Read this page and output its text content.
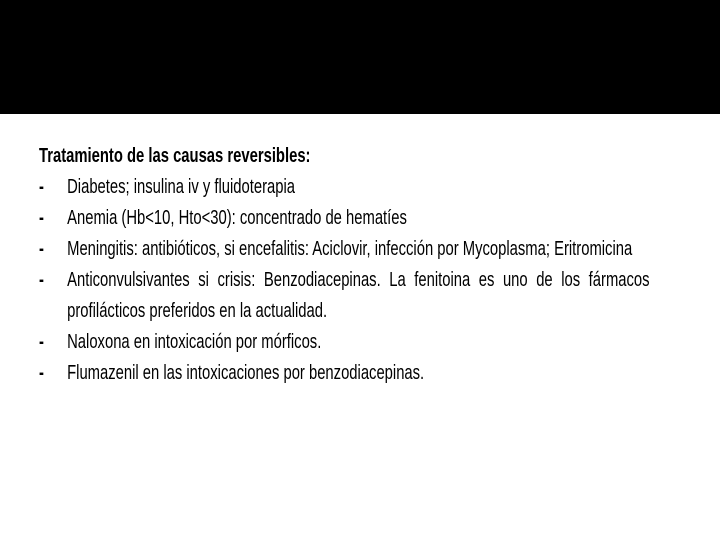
Tratamiento de las causas reversibles:

- Diabetes; insulina iv y fluidoterapia
- Anemia (Hb<10, Hto<30): concentrado de hematíes
- Meningitis: antibióticos, si encefalitis: Aciclovir, infección por Mycoplasma; Eritromicina
- Anticonvulsivantes si crisis: Benzodiacepinas. La fenitoina es uno de los fármacos
profilácticos preferidos en la actualidad.
- Naloxona en intoxicación por mórficos.
- Flumazenil en las intoxicaciones por benzodiacepinas.
